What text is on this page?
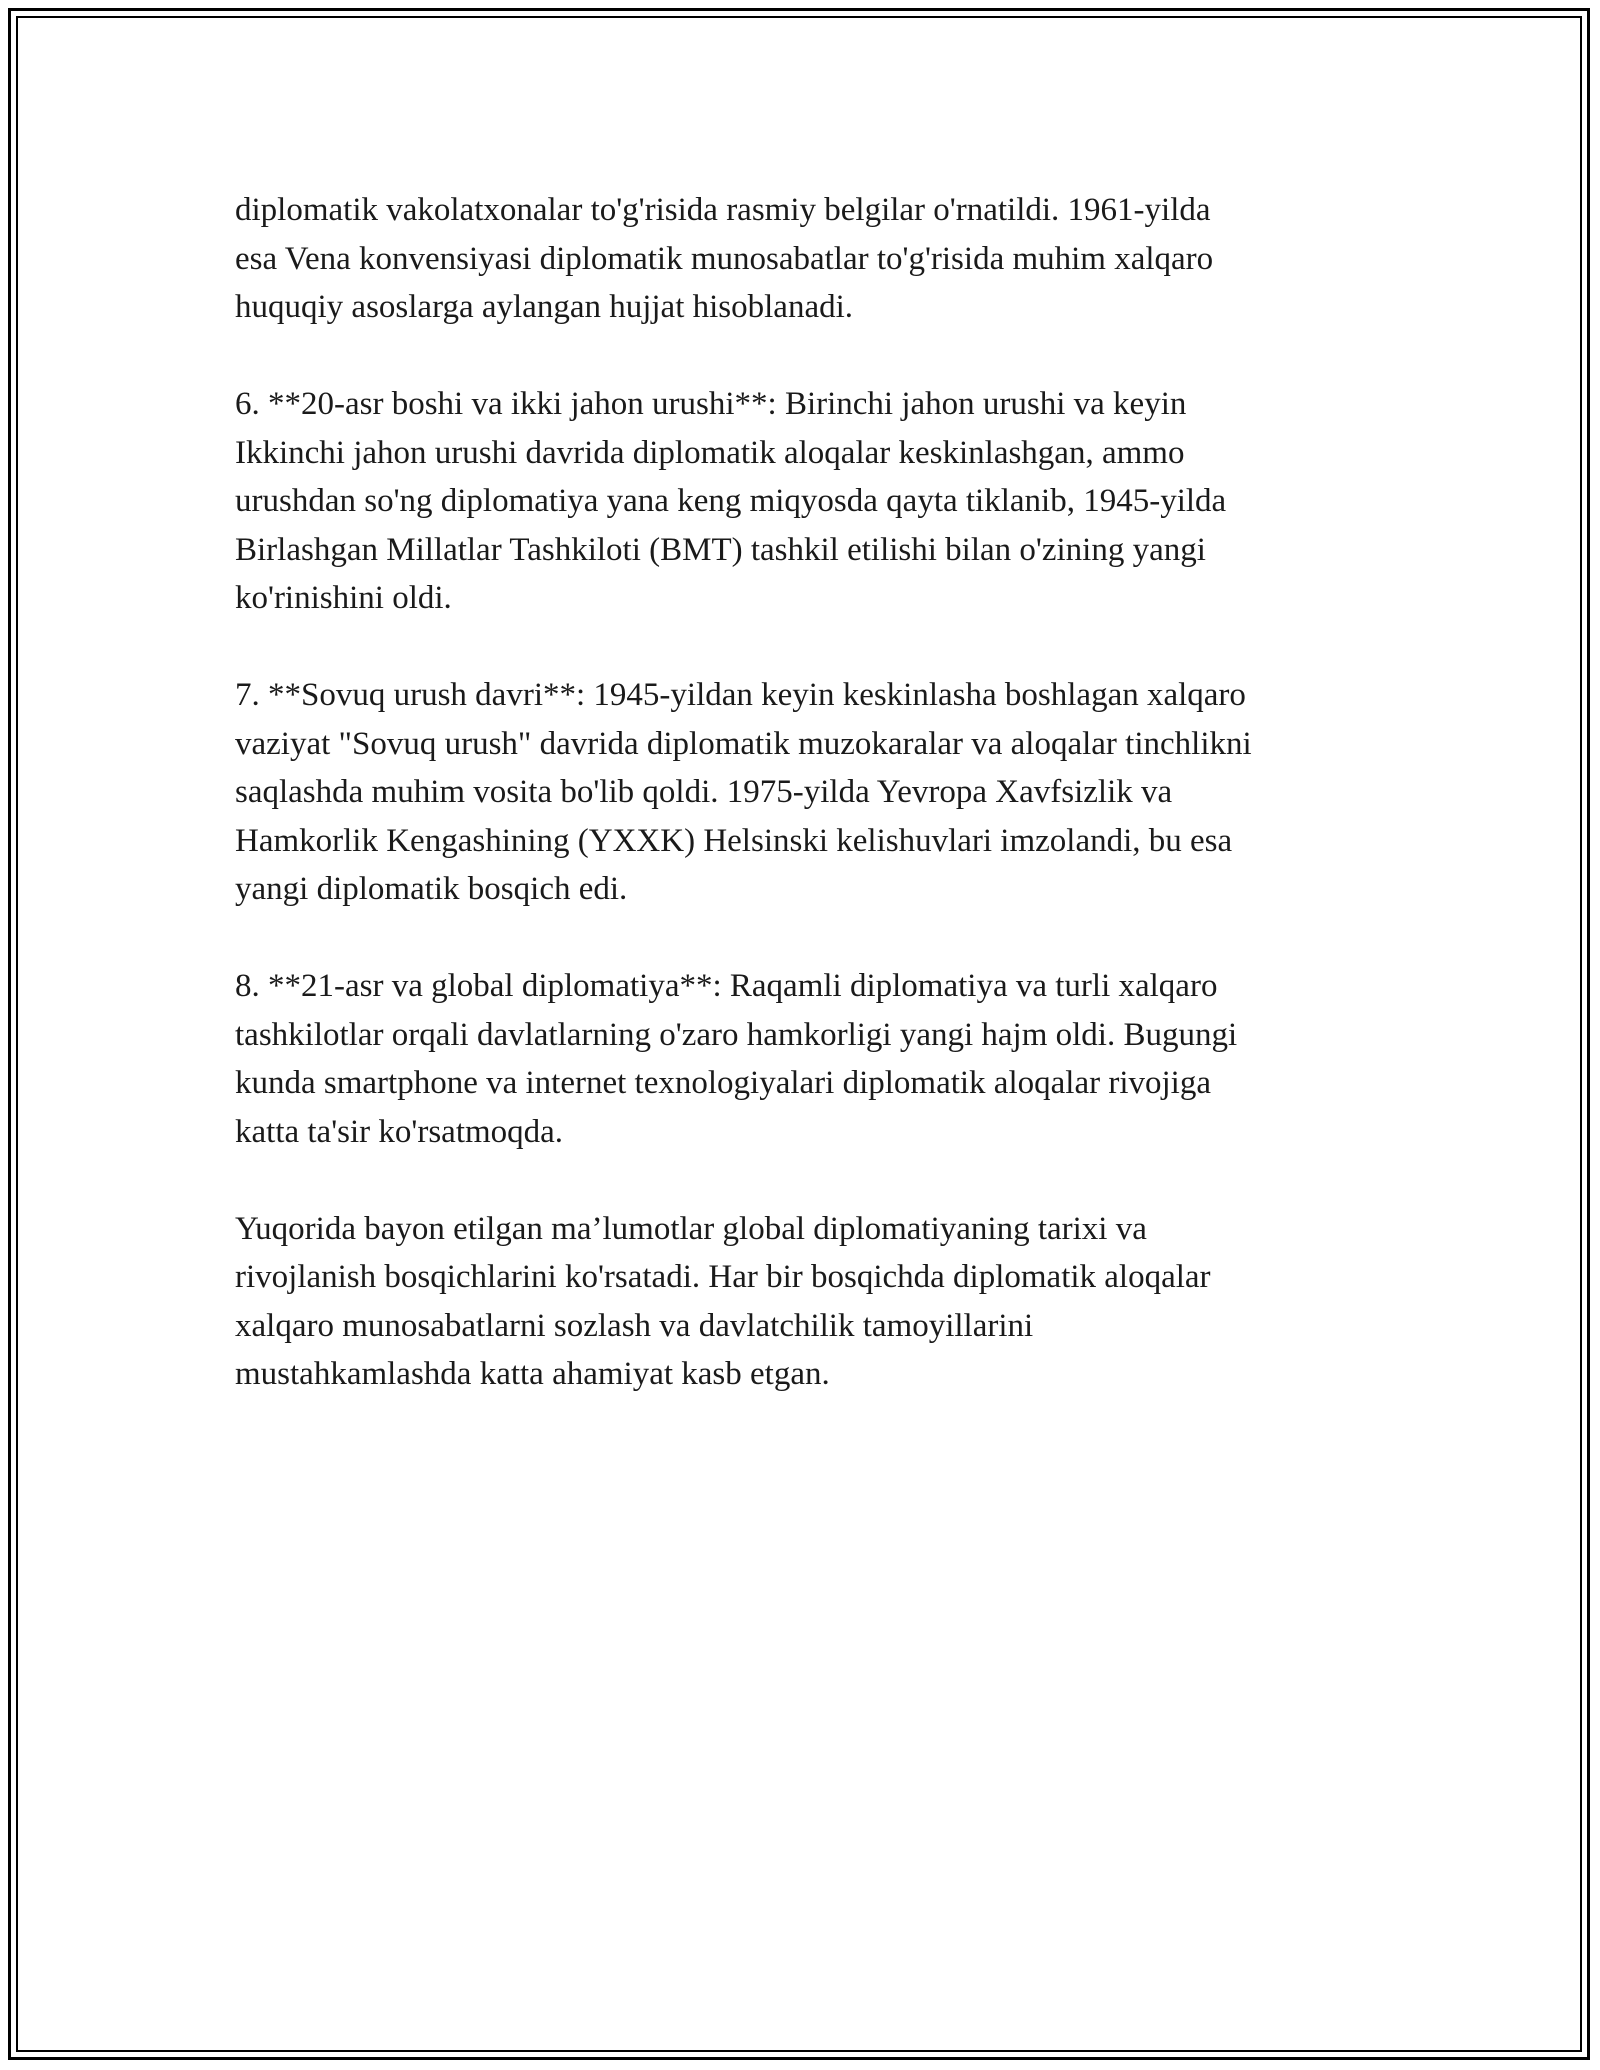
diplomatik vakolatxonalar to'g'risida rasmiy belgilar o'rnatildi. 1961-yilda
esa Vena konvensiyasi diplomatik munosabatlar to'g'risida muhim xalqaro
huquqiy asoslarga aylangan hujjat hisoblanadi.

6. **20-asr boshi va ikki jahon urushi**: Birinchi jahon urushi va keyin
Ikkinchi jahon urushi davrida diplomatik aloqalar keskinlashgan, ammo
urushdan so'ng diplomatiya yana keng miqyosda qayta tiklanib, 1945-yilda
Birlashgan Millatlar Tashkiloti (BMT) tashkil etilishi bilan o'zining yangi
ko'rinishini oldi.

7. **Sovuq urush davri**: 1945-yildan keyin keskinlasha boshlagan xalqaro
vaziyat "Sovuq urush" davrida diplomatik muzokaralar va aloqalar tinchlikni
saqlashda muhim vosita bo'lib qoldi. 1975-yilda Yevropa Xavfsizlik va
Hamkorlik Kengashining (YXXK) Helsinski kelishuvlari imzolandi, bu esa
yangi diplomatik bosqich edi.

8. **21-asr va global diplomatiya**: Raqamli diplomatiya va turli xalqaro
tashkilotlar orqali davlatlarning o'zaro hamkorligi yangi hajm oldi. Bugungi
kunda smartphone va internet texnologiyalari diplomatik aloqalar rivojiga
katta ta'sir ko'rsatmoqda.

Yuqorida bayon etilgan ma’lumotlar global diplomatiyaning tarixi va
rivojlanish bosqichlarini ko'rsatadi. Har bir bosqichda diplomatik aloqalar
xalqaro munosabatlarni sozlash va davlatchilik tamoyillarini
mustahkamlashda katta ahamiyat kasb etgan.
